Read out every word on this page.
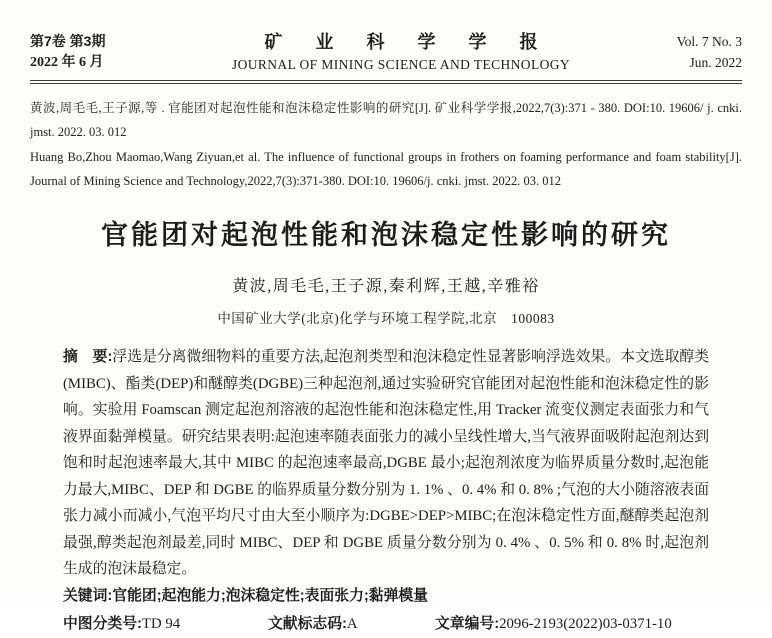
第7卷 第3期
2022 年 6 月
矿 业 科 学 学 报
JOURNAL OF MINING SCIENCE AND TECHNOLOGY
Vol. 7 No. 3
Jun. 2022

黄波,周毛毛,王子源,等 . 官能团对起泡性能和泡沫稳定性影响的研究[J]. 矿业科学学报,2022,7(3):371 - 380. DOI:10. 19606/ j. cnki. jmst. 2022. 03. 012

Huang Bo,Zhou Maomao,Wang Ziyuan,et al. The influence of functional groups in frothers on foaming performance and foam stability[J]. Journal of Mining Science and Technology,2022,7(3):371-380. DOI:10. 19606/j. cnki. jmst. 2022. 03. 012

官能团对起泡性能和泡沫稳定性影响的研究
黄波,周毛毛,王子源,秦利辉,王越,辛雅裕
中国矿业大学(北京)化学与环境工程学院,北京　100083

摘　要:浮选是分离微细物料的重要方法,起泡剂类型和泡沫稳定性显著影响浮选效果。本文选取醇类(MIBC)、酯类(DEP)和醚醇类(DGBE)三种起泡剂,通过实验研究官能团对起泡性能和泡沫稳定性的影响。实验用 Foamscan 测定起泡剂溶液的起泡性能和泡沫稳定性,用 Tracker 流变仪测定表面张力和气液界面黏弹模量。研究结果表明:起泡速率随表面张力的减小呈线性增大,当气液界面吸附起泡剂达到饱和时起泡速率最大,其中 MIBC 的起泡速率最高,DGBE 最小;起泡剂浓度为临界质量分数时,起泡能力最大,MIBC、DEP 和 DGBE 的临界质量分数分别为 1. 1% 、0. 4% 和 0. 8% ;气泡的大小随溶液表面张力减小而减小,气泡平均尺寸由大至小顺序为:DGBE>DEP>MIBC;在泡沫稳定性方面,醚醇类起泡剂最强,醇类起泡剂最差,同时 MIBC、DEP 和 DGBE 质量分数分别为 0. 4% 、0. 5% 和 0. 8% 时,起泡剂生成的泡沫最稳定。

关键词:官能团;起泡能力;泡沫稳定性;表面张力;黏弹模量
中图分类号:TD 94	文献标志码:A	文章编号:2096-2193(2022)03-0371-10
